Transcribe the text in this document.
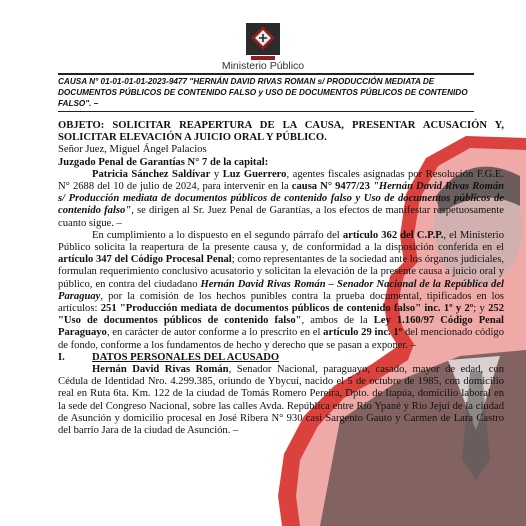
Ministerio Público

CAUSA N° 01-01-01-01-2023-9477 "HERNÁN DAVID RIVAS ROMAN s/ PRODUCCIÓN MEDIATA DE

DOCUMENTOS PÚBLICOS DE CONTENIDO FALSO y USO DE DOCUMENTOS PÚBLICOS DE CONTENIDO FALSO". –

OBJETO: SOLICITAR REAPERTURA DE LA CAUSA, PRESENTAR ACUSACIÓN Y, SOLICITAR ELEVACIÓN A JUICIO ORAL Y PÚBLICO.

Señor Juez, Miguel Ángel Palacios

Juzgado Penal de Garantías N° 7 de la capital:

Patricia Sánchez Saldívar y Luz Guerrero, agentes fiscales asignadas por Resolución F.G.E. N° 2688 del 10 de julio de 2024, para intervenir en la causa N° 9477/23 "Hernán David Rivas Román s/ Producción mediata de documentos públicos de contenido falso y Uso de documentos públicos de contenido falso", se dirigen al Sr. Juez Penal de Garantías, a los efectos de manifestar respetuosamente cuanto sigue. –

En cumplimiento a lo dispuesto en el segundo párrafo del artículo 362 del C.P.P., el Ministerio Público solicita la reapertura de la presente causa y, de conformidad a la disposición conferida en el artículo 347 del Código Procesal Penal; como representantes de la sociedad ante los órganos judiciales, formulan requerimiento conclusivo acusatorio y solicitan la elevación de la presente causa a juicio oral y público, en contra del ciudadano Hernán David Rivas Román – Senador Nacional de la República del Paraguay, por la comisión de los hechos punibles contra la prueba documental, tipificados en los artículos: 251 "Producción mediata de documentos públicos de contenido falso" inc. 1º y 2º; y 252 "Uso de documentos públicos de contenido falso", ambos de la Ley 1.160/97 Código Penal Paraguayo, en carácter de autor conforme a lo prescrito en el artículo 29 inc. 1º del mencionado código de fondo, conforme a los fundamentos de hecho y derecho que se pasan a exponer. –

I.	DATOS PERSONALES DEL ACUSADO

Hernán David Rivas Román, Senador Nacional, paraguayo, casado, mayor de edad, con Cédula de Identidad Nro. 4.299.385, oriundo de Ybycuí, nacido el 5 de octubre de 1985, con domicilio real en Ruta 6ta. Km. 122 de la ciudad de Tomás Romero Pereira, Dpto. de Itapúa, domicilio laboral en la sede del Congreso Nacional, sobre las calles Avda. República entre Río Ypané y Río Jejuí de la ciudad de Asunción y domicilio procesal en José Ribera N° 930 casi Sargento Gauto y Carmen de Lara Castro del barrio Jara de la ciudad de Asunción. –
